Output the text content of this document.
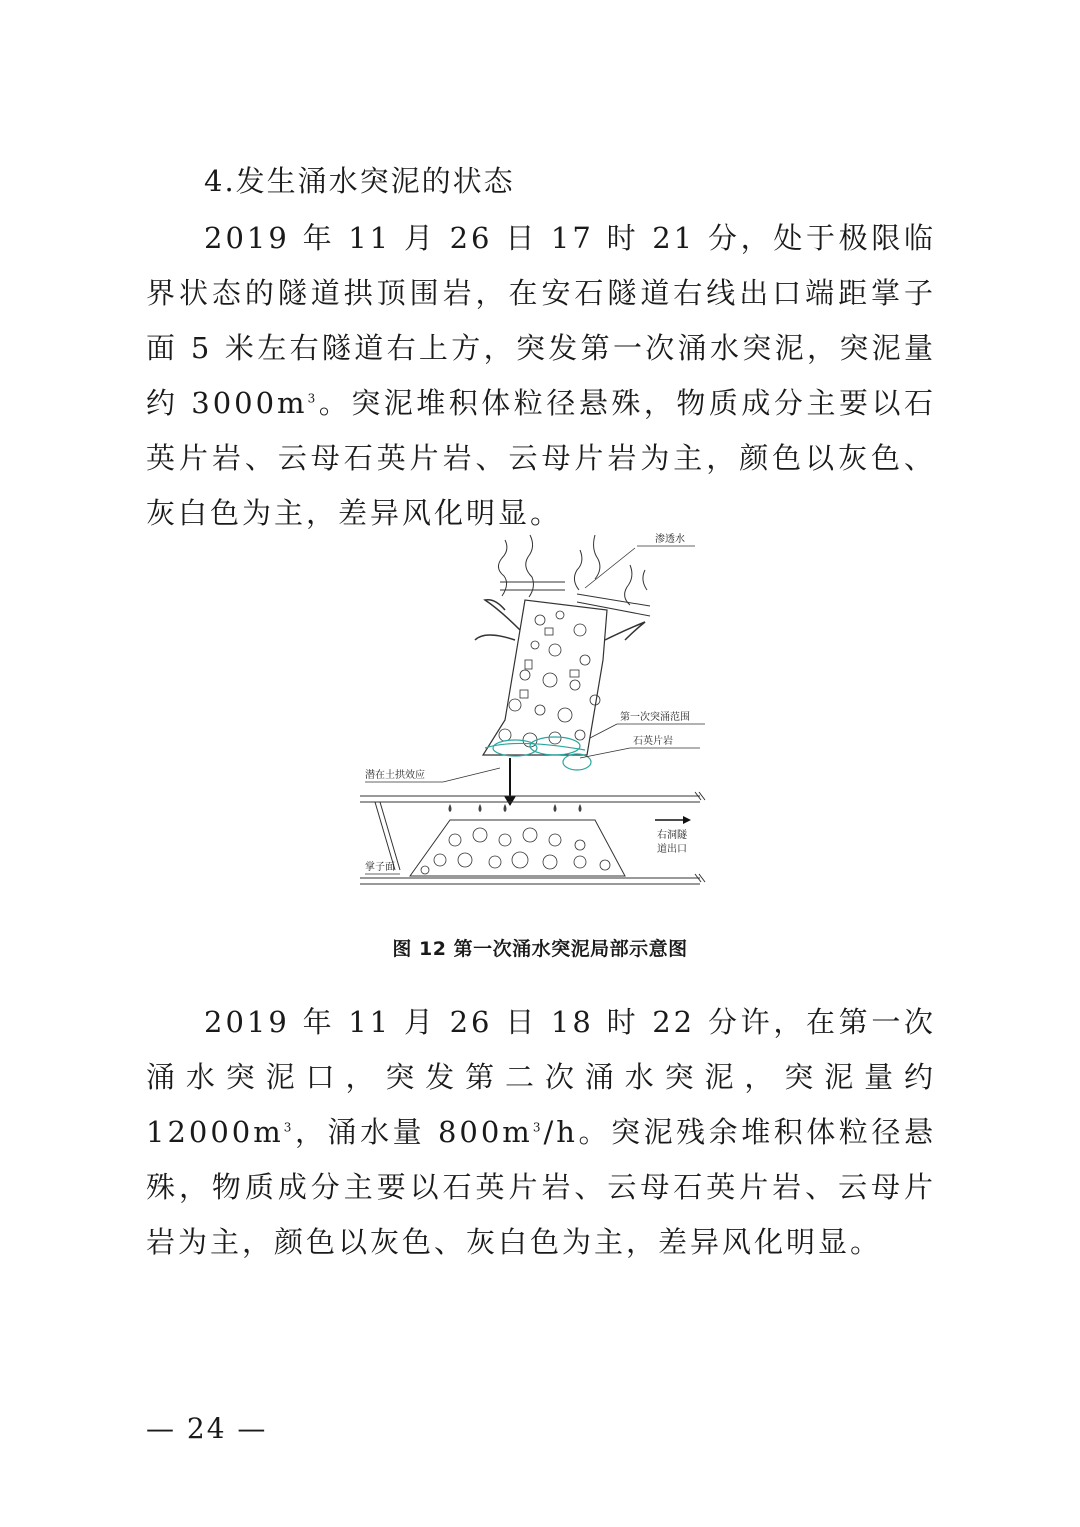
4.发生涌水突泥的状态
2019 年 11 月 26 日 17 时 21 分，处于极限临界状态的隧道拱顶围岩，在安石隧道右线出口端距掌子面 5 米左右隧道右上方，突发第一次涌水突泥，突泥量约 $3000m^3$。突泥堆积体粒径悬殊，物质成分主要以石英片岩、云母石英片岩、云母片岩为主，颜色以灰色、灰白色为主，差异风化明显。
渗透水
第一次突涌范围
石英片岩
潜在土拱效应
右洞隧
道出口
掌子面
图 12 第一次涌水突泥局部示意图
2019 年 11 月 26 日 18 时 22 分许，在第一次涌水突泥口，突发第二次涌水突泥，突泥量约 $12000m^3$，涌水量 $800m^3/h$。突泥残余堆积体粒径悬殊，物质成分主要以石英片岩、云母石英片岩、云母片岩为主，颜色以灰色、灰白色为主，差异风化明显。
— 24 —
